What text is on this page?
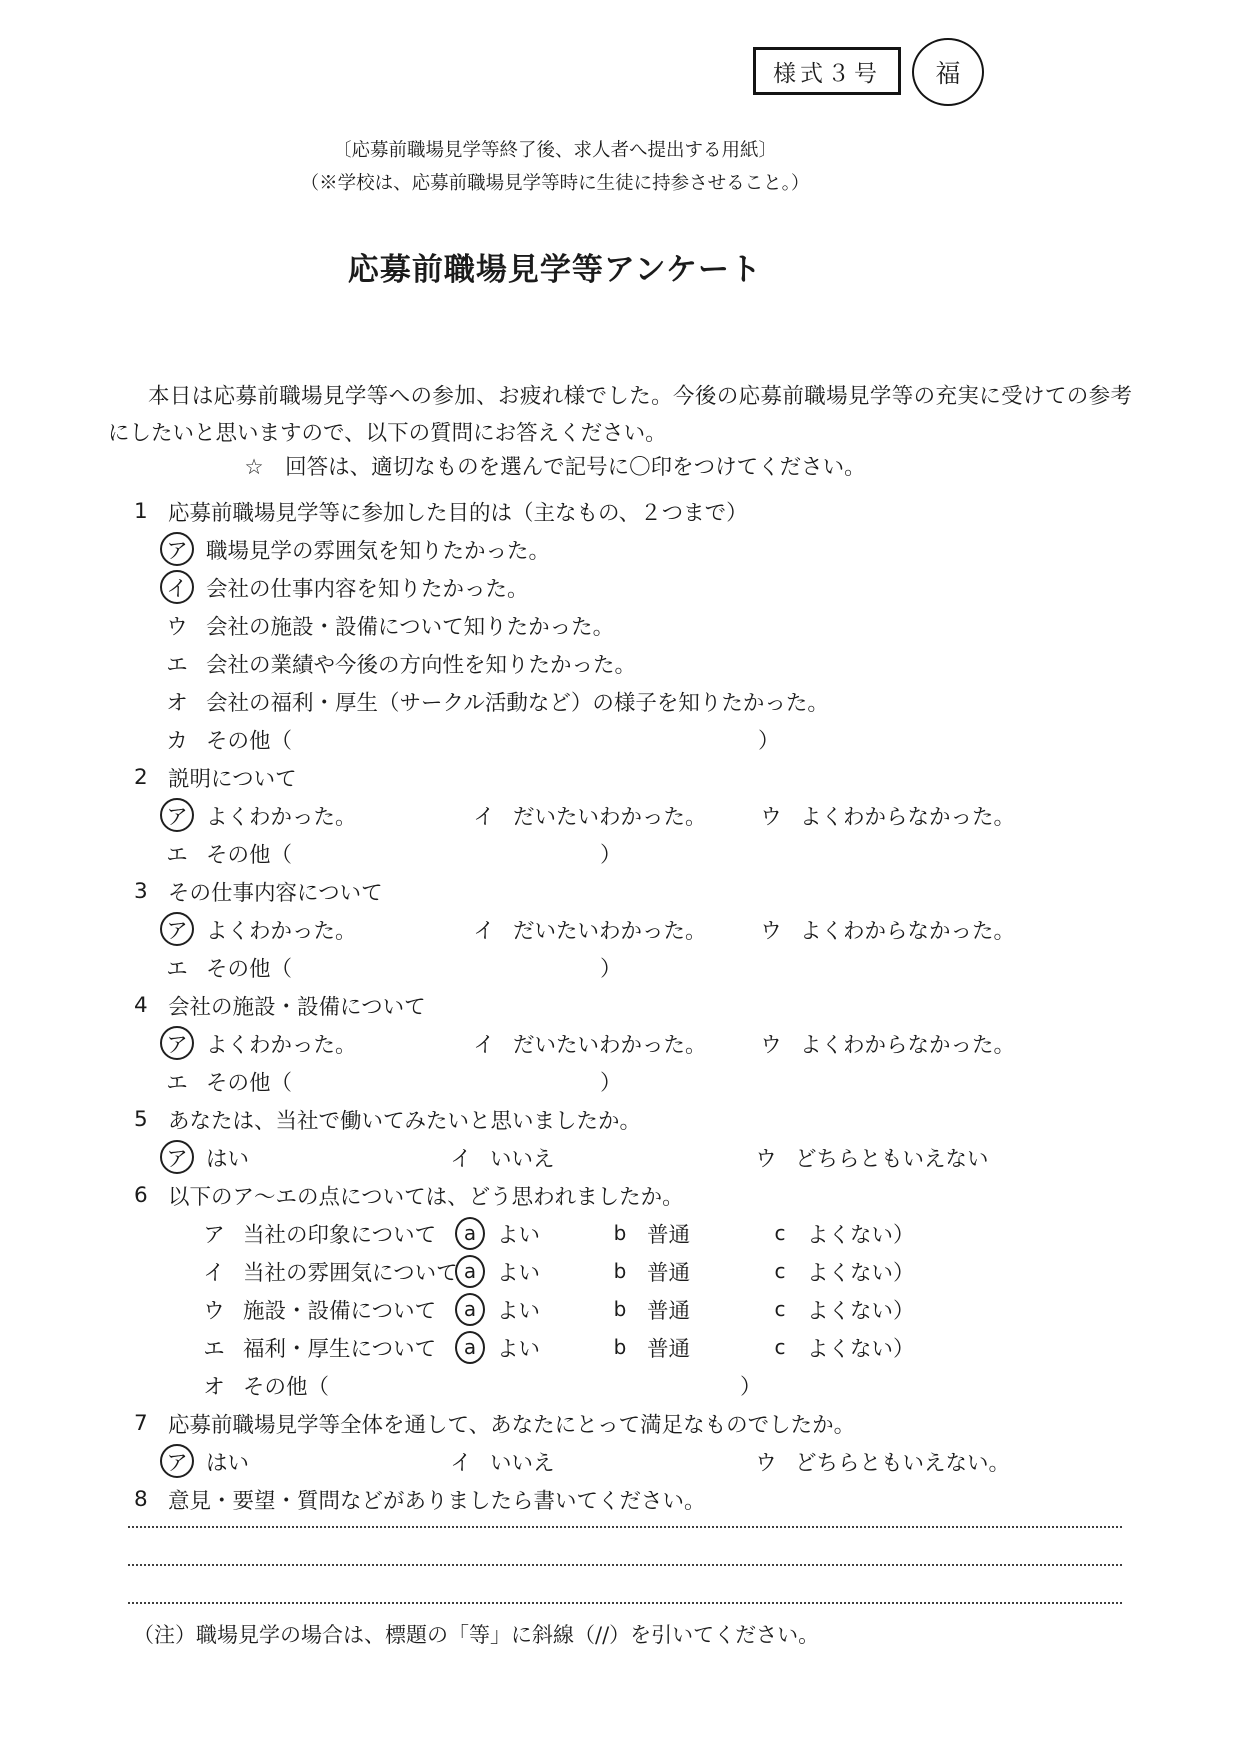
様式３号 福
〔応募前職場見学等終了後、求人者へ提出する用紙〕
（※学校は、応募前職場見学等時に生徒に持参させること。）
応募前職場見学等アンケート

本日は応募前職場見学等への参加、お疲れ様でした。今後の応募前職場見学等の充実に受けての参考にしたいと思いますので、以下の質問にお答えください。

☆　回答は、適切なものを選んで記号に〇印をつけてください。
1 応募前職場見学等に参加した目的は（主なもの、２つまで）
ア 職場見学の雰囲気を知りたかった。
イ 会社の仕事内容を知りたかった。
ウ 会社の施設・設備について知りたかった。
エ 会社の業績や今後の方向性を知りたかった。
オ 会社の福利・厚生（サークル活動など）の様子を知りたかった。
カ その他（	）
2 説明について
ア よくわかった。	イ だいたいわかった。 ウ よくわからなかった。
エ その他（	）
3 その仕事内容について
ア よくわかった。	イ だいたいわかった。 ウ よくわからなかった。
エ その他（	）
4 会社の施設・設備について
ア よくわかった。	イ だいたいわかった。 ウ よくわからなかった。
エ その他（	）
5 あなたは、当社で働いてみたいと思いましたか。
ア はい	イ いいえ	ウ どちらともいえない
6 以下のア〜エの点については、どう思われましたか。
ア 当社の印象について	a よい	b 普通	c	よくない）
イ 当社の雰囲気について a よい	b 普通	c	よくない）
ウ 施設・設備について	a よい	b 普通	c	よくない）
エ 福利・厚生について	a よい	b 普通	c	よくない）
オ その他（	）
7 応募前職場見学等全体を通して、あなたにとって満足なものでしたか。
ア はい	イ いいえ	ウ どちらともいえない。
8 意見・要望・質問などがありましたら書いてください。
（注）職場見学の場合は、標題の「等」に斜線（//）を引いてください。
